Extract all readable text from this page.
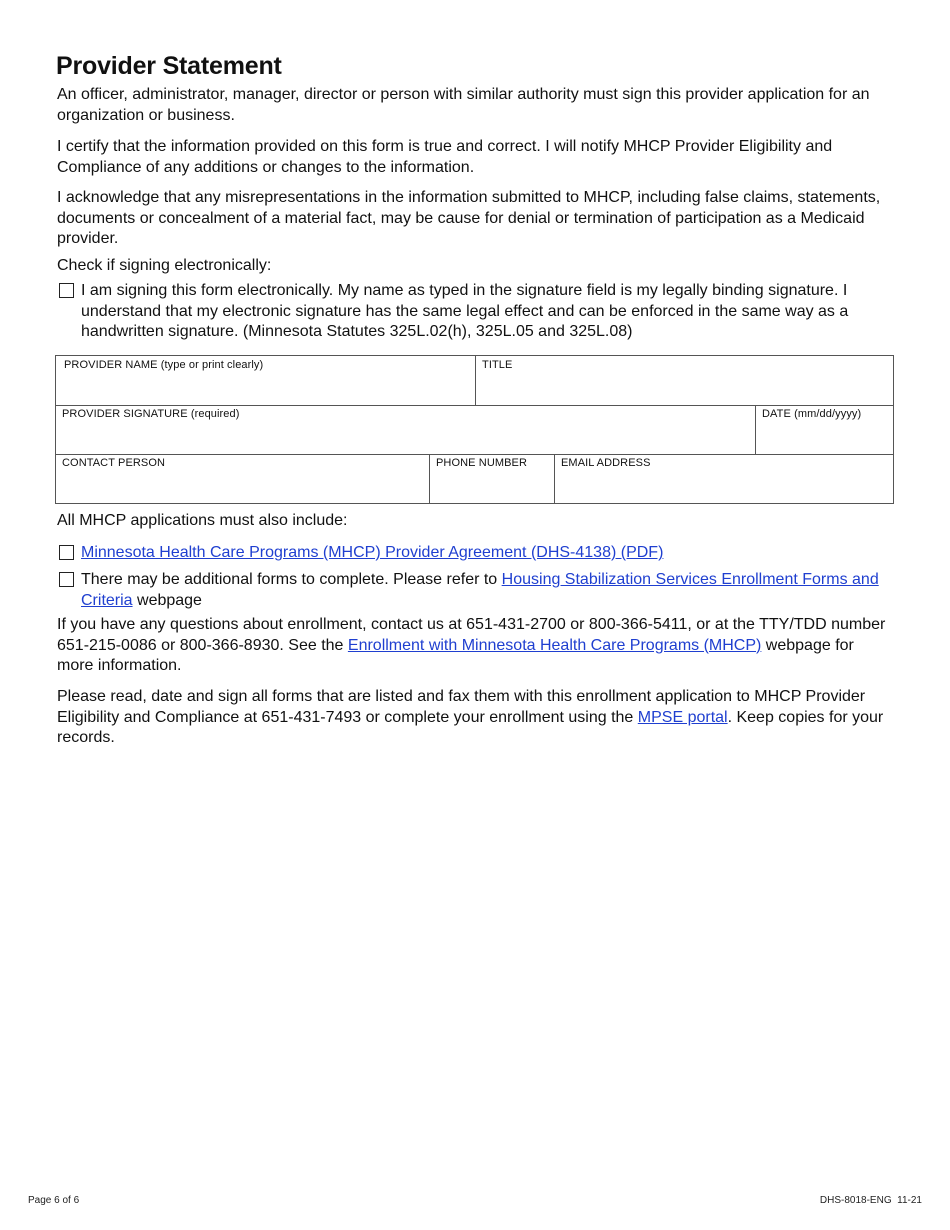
Provider Statement
An officer, administrator, manager, director or person with similar authority must sign this provider application for an organization or business.
I certify that the information provided on this form is true and correct. I will notify MHCP Provider Eligibility and Compliance of any additions or changes to the information.
I acknowledge that any misrepresentations in the information submitted to MHCP, including false claims, statements, documents or concealment of a material fact, may be cause for denial or termination of participation as a Medicaid provider.
Check if signing electronically:
I am signing this form electronically. My name as typed in the signature field is my legally binding signature. I understand that my electronic signature has the same legal effect and can be enforced in the same way as a handwritten signature. (Minnesota Statutes 325L.02(h), 325L.05 and 325L.08)
PROVIDER NAME (type or print clearly)	TITLE
PROVIDER SIGNATURE (required)	DATE (mm/dd/yyyy)
CONTACT PERSON	PHONE NUMBER	EMAIL ADDRESS
All MHCP applications must also include:
Minnesota Health Care Programs (MHCP) Provider Agreement (DHS-4138) (PDF)
There may be additional forms to complete. Please refer to Housing Stabilization Services Enrollment Forms and Criteria webpage
If you have any questions about enrollment, contact us at 651-431-2700 or 800-366-5411, or at the TTY/TDD number 651-215-0086 or 800-366-8930. See the Enrollment with Minnesota Health Care Programs (MHCP) webpage for more information.
Please read, date and sign all forms that are listed and fax them with this enrollment application to MHCP Provider Eligibility and Compliance at 651-431-7493 or complete your enrollment using the MPSE portal. Keep copies for your records.
Page 6 of 6	DHS-8018-ENG  11-21
